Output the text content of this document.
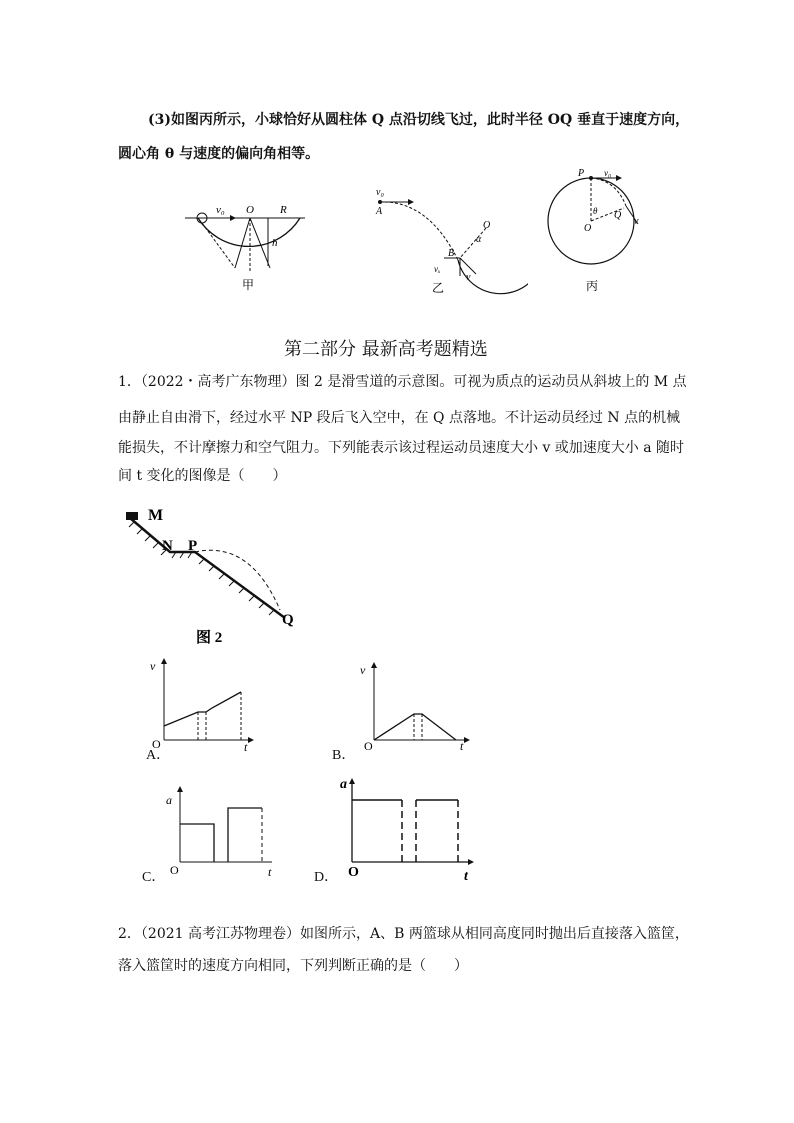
(3)如图丙所示，小球恰好从圆柱体 Q 点沿切线飞过，此时半径 OQ 垂直于速度方向，
圆心角 θ 与速度的偏向角相等。
v₀ O R
h
甲
v₀
A
O
α
B
v
vₓ
乙
P v₀
θ Q
v
O
丙
第二部分 最新高考题精选
1．（2022・高考广东物理）图 2 是滑雪道的示意图。可视为质点的运动员从斜坡上的 M 点
由静止自由滑下，经过水平 NP 段后飞入空中，在 Q 点落地。不计运动员经过 N 点的机械
能损失，不计摩擦力和空气阻力。下列能表示该过程运动员速度大小 v 或加速度大小 a 随时
间 t 变化的图像是（　　）
M
N P
Q
图 2
A．
v
O	t
B．
v
O	t
C．
a
O	t	D．
a
O	t
2．（2021 高考江苏物理卷）如图所示，A、B 两篮球从相同高度同时抛出后直接落入篮筐，
落入篮筐时的速度方向相同，下列判断正确的是（　　）
